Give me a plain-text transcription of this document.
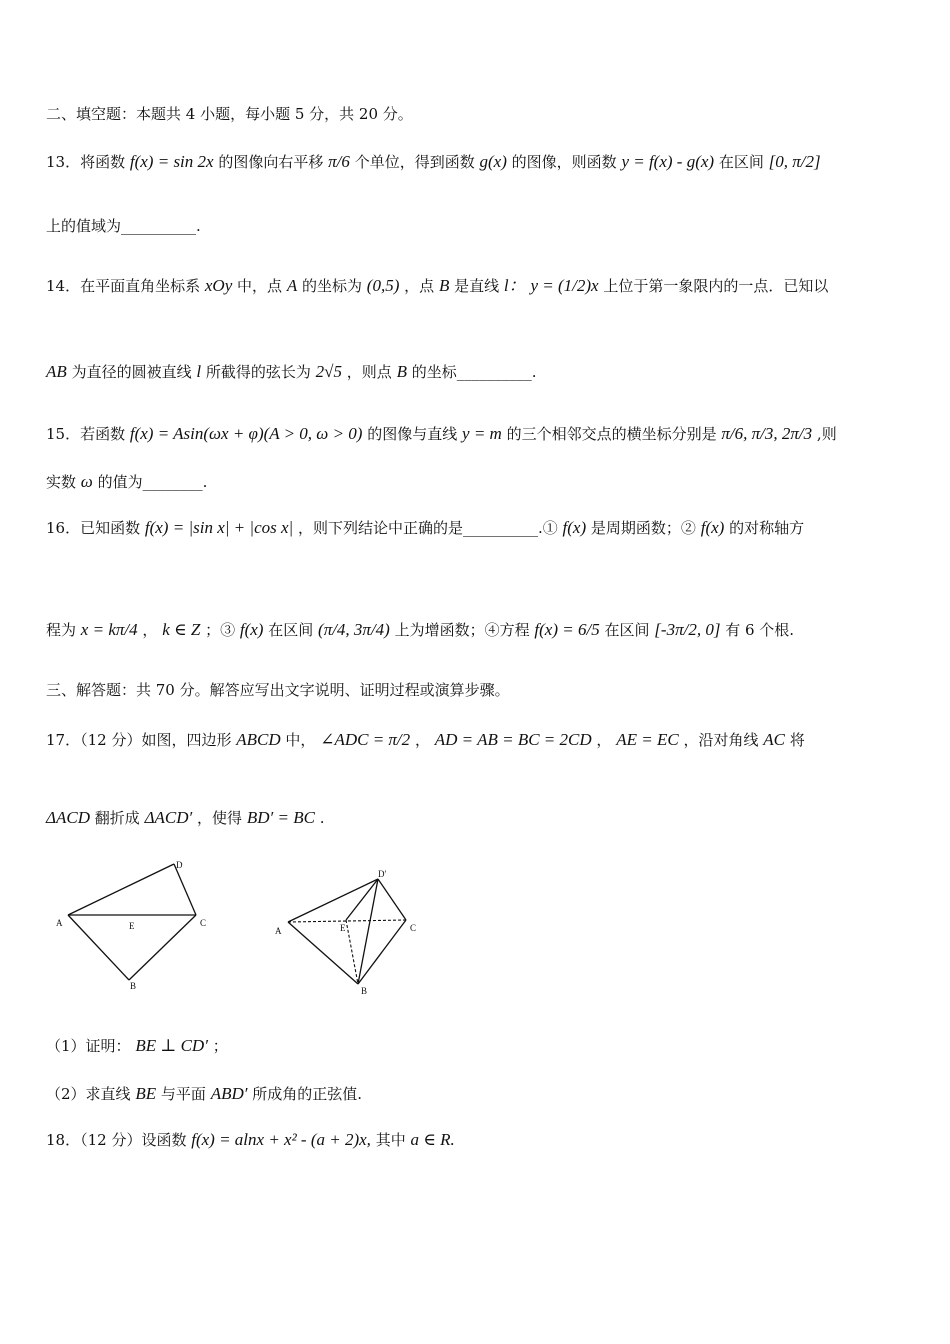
二、填空题：本题共 4 小题，每小题 5 分，共 20 分。
13．将函数 f(x) = sin 2x 的图像向右平移 π/6 个单位，得到函数 g(x) 的图像，则函数 y = f(x) - g(x) 在区间 [0, π/2]
上的值域为__________.
14．在平面直角坐标系 xOy 中，点 A 的坐标为 (0,5) ，点 B 是直线 l： y = (1/2)x 上位于第一象限内的一点．已知以
AB 为直径的圆被直线 l 所截得的弦长为 2√5 ，则点 B 的坐标__________.
15．若函数 f(x) = Asin(ωx + φ)(A > 0, ω > 0) 的图像与直线 y = m 的三个相邻交点的横坐标分别是 π/6, π/3, 2π/3 ,则
实数 ω 的值为________.
16．已知函数 f(x) = |sin x| + |cos x| ，则下列结论中正确的是__________.① f(x) 是周期函数；② f(x) 的对称轴方
程为 x = kπ/4 ， k ∈ Z ；③ f(x) 在区间 (π/4, 3π/4) 上为增函数；④方程 f(x) = 6/5 在区间 [-3π/2, 0] 有 6 个根.
三、解答题：共 70 分。解答应写出文字说明、证明过程或演算步骤。
17．（12 分）如图，四边形 ABCD 中， ∠ADC = π/2 ， AD = AB = BC = 2CD ， AE = EC ，沿对角线 AC 将
ΔACD 翻折成 ΔACD′ ，使得 BD′ = BC .
A
D
C
E
B
A
D′
C
E
B
（1）证明： BE ⊥ CD′ ；
（2）求直线 BE 与平面 ABD′ 所成角的正弦值.
18．（12 分）设函数 f(x) = alnx + x² - (a + 2)x, 其中 a ∈ R.
